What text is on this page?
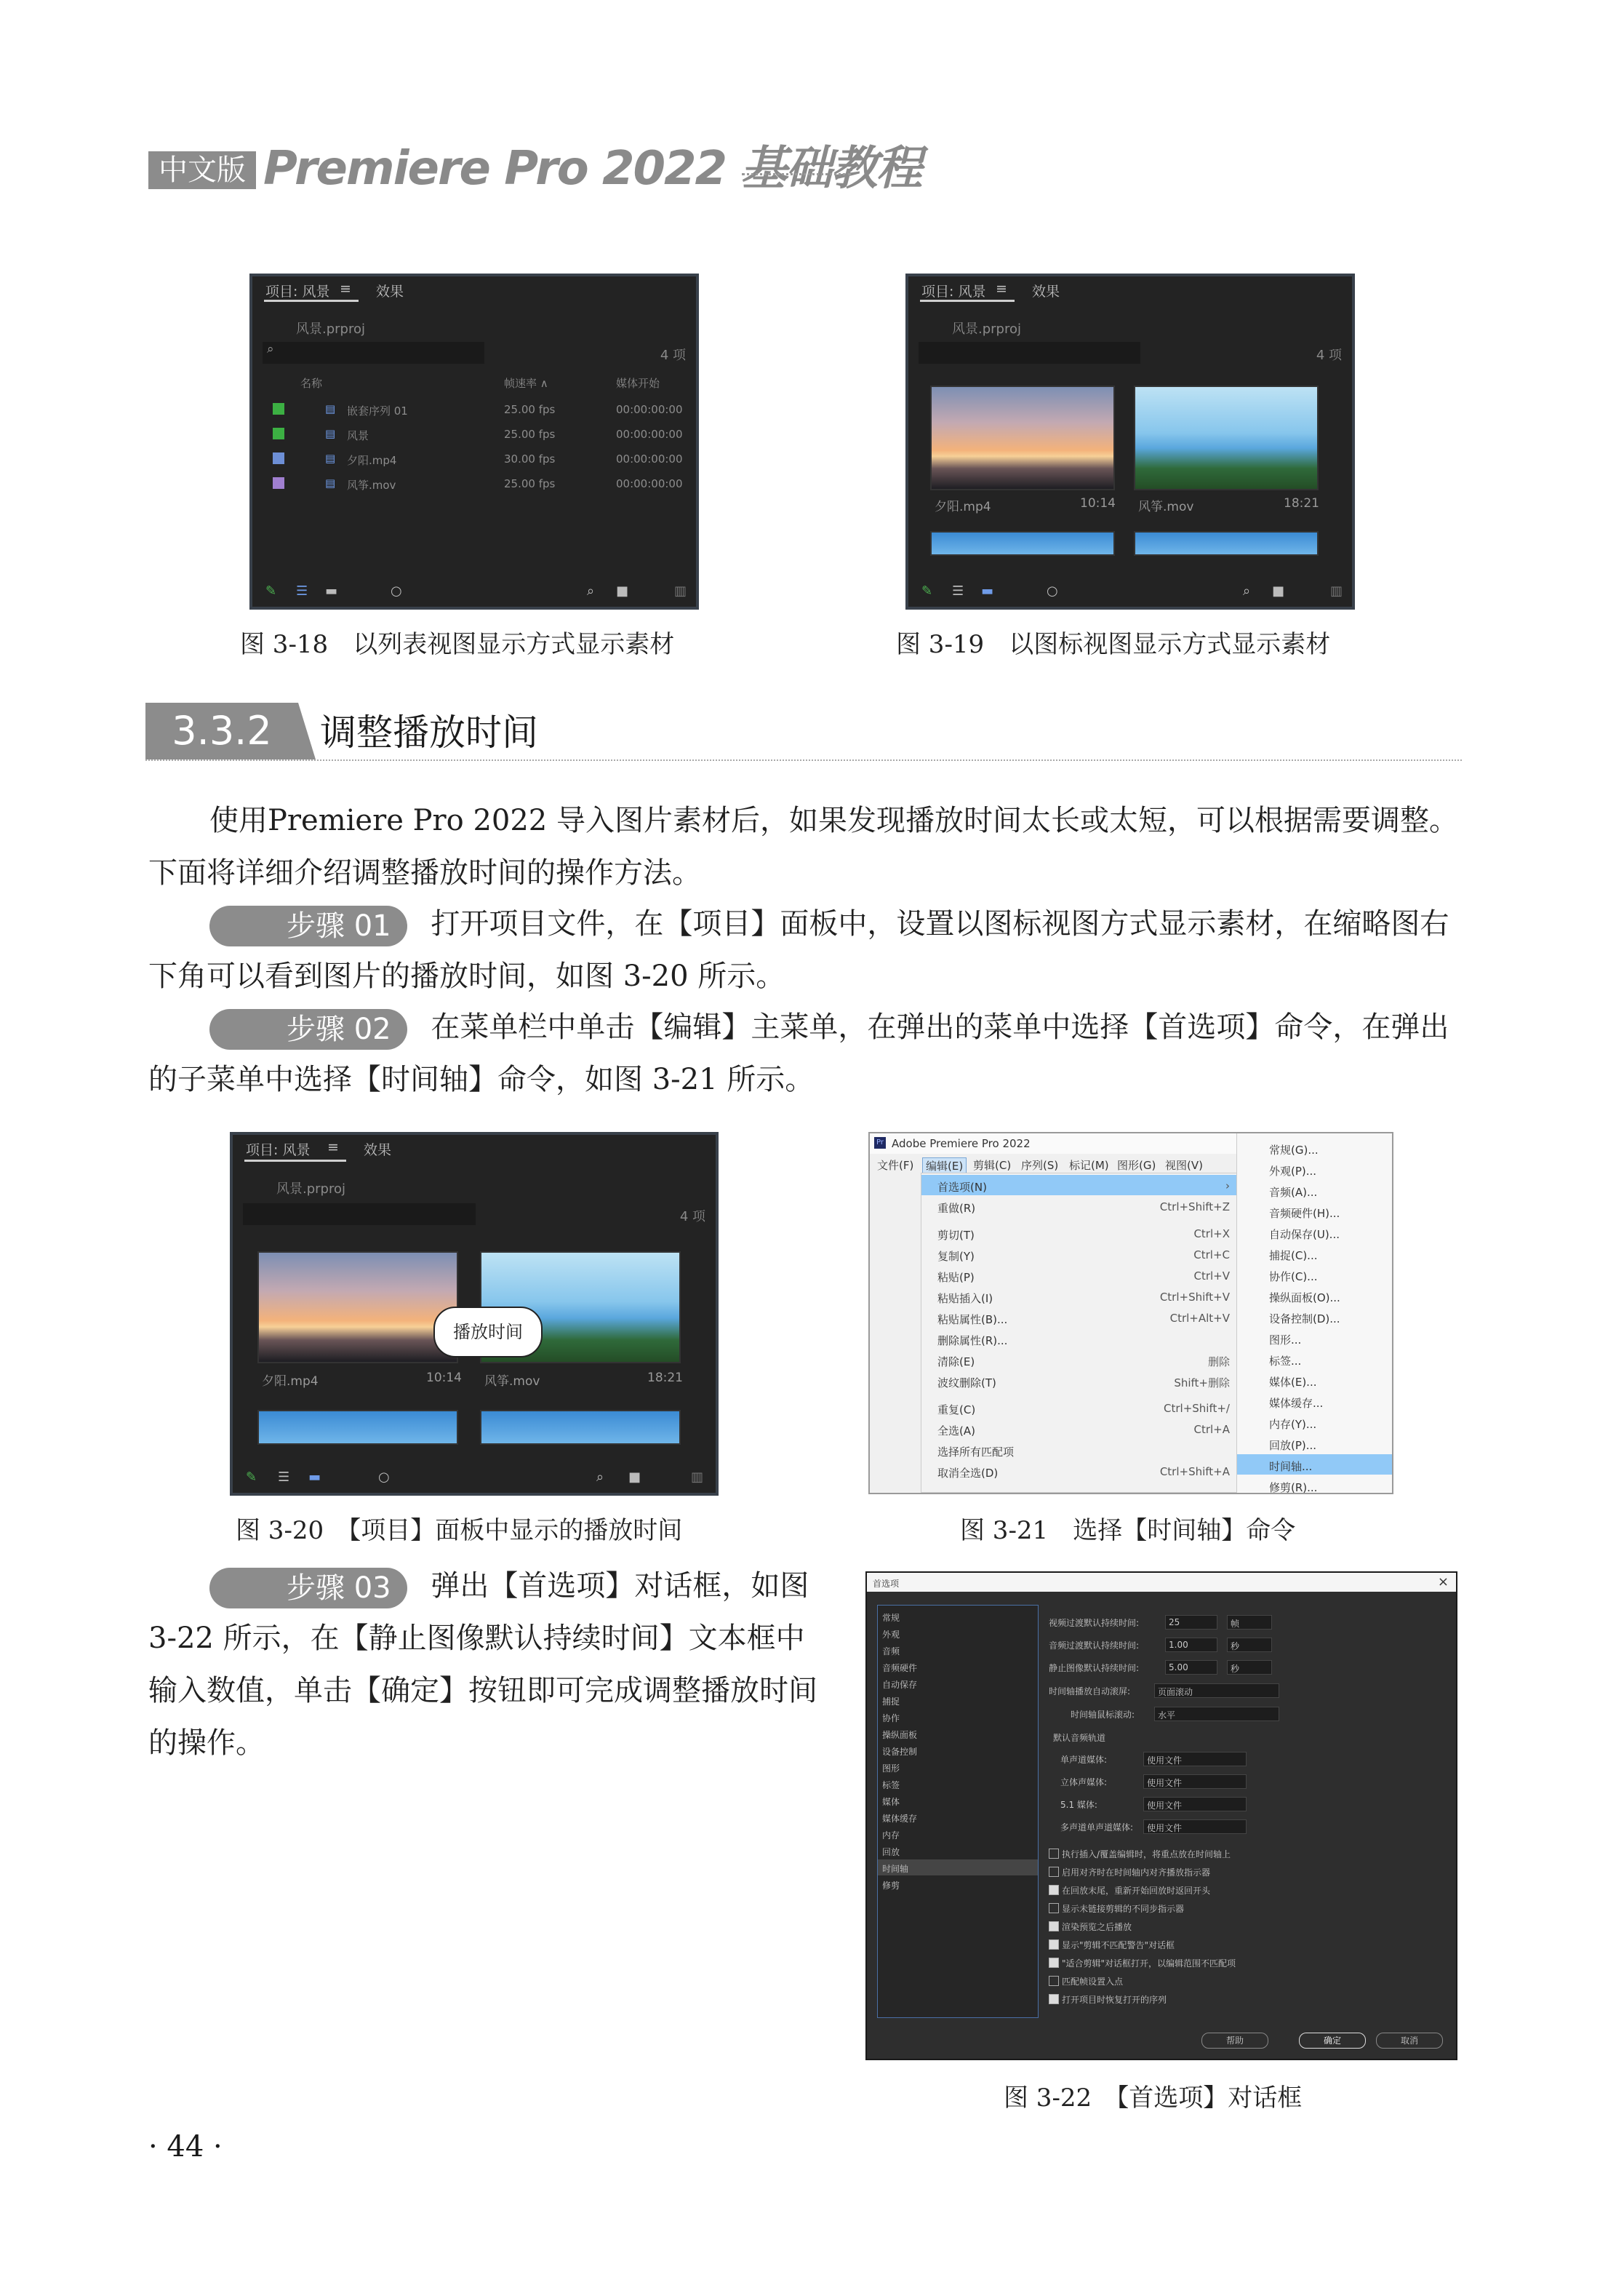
中文版 Premiere Pro 2022 基础教程
项目: 风景 ≡ 效果
风景.prproj
⌕	4 项
名称	帧速率 ∧	媒体开始
▤ 嵌套序列 01	25.00 fps	00:00:00:00
▤ 风景	25.00 fps	00:00:00:00
▤ 夕阳.mp4	30.00 fps	00:00:00:00
▤ 风筝.mov	25.00 fps	00:00:00:00
✎ ☰ ▬	○	⌕ ■	▥
图 3-18　以列表视图显示方式显示素材
项目: 风景 ≡ 效果
风景.prproj
4 项
夕阳.mp4	10:14 风筝.mov	18:21
✎ ☰ ▬	○	⌕ ■	▥
图 3-19　以图标视图显示方式显示素材
3.3.2	调整播放时间
使用Premiere Pro 2022 导入图片素材后，如果发现播放时间太长或太短，可以根据需要调整。下面将详细介绍调整播放时间的操作方法。
步骤 01 打开项目文件，在【项目】面板中，设置以图标视图方式显示素材，在缩略图右下角可以看到图片的播放时间，如图 3-20 所示。
步骤 02 在菜单栏中单击【编辑】主菜单，在弹出的菜单中选择【首选项】命令，在弹出的子菜单中选择【时间轴】命令，如图 3-21 所示。
项目: 风景 ≡ 效果
风景.prproj
4 项
夕阳.mp4	10:14 风筝.mov	18:21
播放时间
✎ ☰ ▬	○	⌕ ■	▥
图 3-20　【项目】面板中显示的播放时间
Pr Adobe Premiere Pro 2022
文件(F)	编辑(E) 剪辑(C) 序列(S) 标记(M) 图形(G) 视图(V)
首选项(N)	›
重做(R)	Ctrl+Shift+Z
剪切(T)	Ctrl+X
复制(Y)	Ctrl+C
粘贴(P)	Ctrl+V
粘贴插入(I)	Ctrl+Shift+V
粘贴属性(B)...	Ctrl+Alt+V
删除属性(R)...
清除(E)	删除
波纹删除(T)	Shift+删除
重复(C)	Ctrl+Shift+/
全选(A)	Ctrl+A
选择所有匹配项
取消全选(D)	Ctrl+Shift+A
常规(G)...
外观(P)...
音频(A)...
音频硬件(H)...
自动保存(U)...
捕捉(C)...
协作(C)...
操纵面板(O)...
设备控制(D)...
图形...
标签...
媒体(E)...
媒体缓存...
内存(Y)...
回放(P)...
时间轴...
修剪(R)...
图 3-21　选择【时间轴】命令
步骤 03 弹出【首选项】对话框，如图 3-22 所示，在【静止图像默认持续时间】文本框中输入数值，单击【确定】按钮即可完成调整播放时间的操作。
首选项	×
常规
外观
音频
音频硬件
自动保存
捕捉
协作
操纵面板
设备控制
图形
标签
媒体
媒体缓存
内存
回放
时间轴
修剪
视频过渡默认持续时间:	25	帧
音频过渡默认持续时间:	1.00	秒
静止图像默认持续时间:	5.00	秒
时间轴播放自动滚屏:	页面滚动
时间轴鼠标滚动:	水平
默认音频轨道
单声道媒体:	使用文件
立体声媒体:	使用文件
5.1 媒体:	使用文件
多声道单声道媒体: 使用文件
执行插入/覆盖编辑时，将重点放在时间轴上
启用对齐时在时间轴内对齐播放指示器
在回放末尾，重新开始回放时返回开头
显示未链接剪辑的不同步指示器
渲染预览之后播放
显示"剪辑不匹配警告"对话框
"适合剪辑"对话框打开，以编辑范围不匹配项
匹配帧设置入点
打开项目时恢复打开的序列
帮助	确定	取消
图 3-22　【首选项】对话框
· 44 ·
